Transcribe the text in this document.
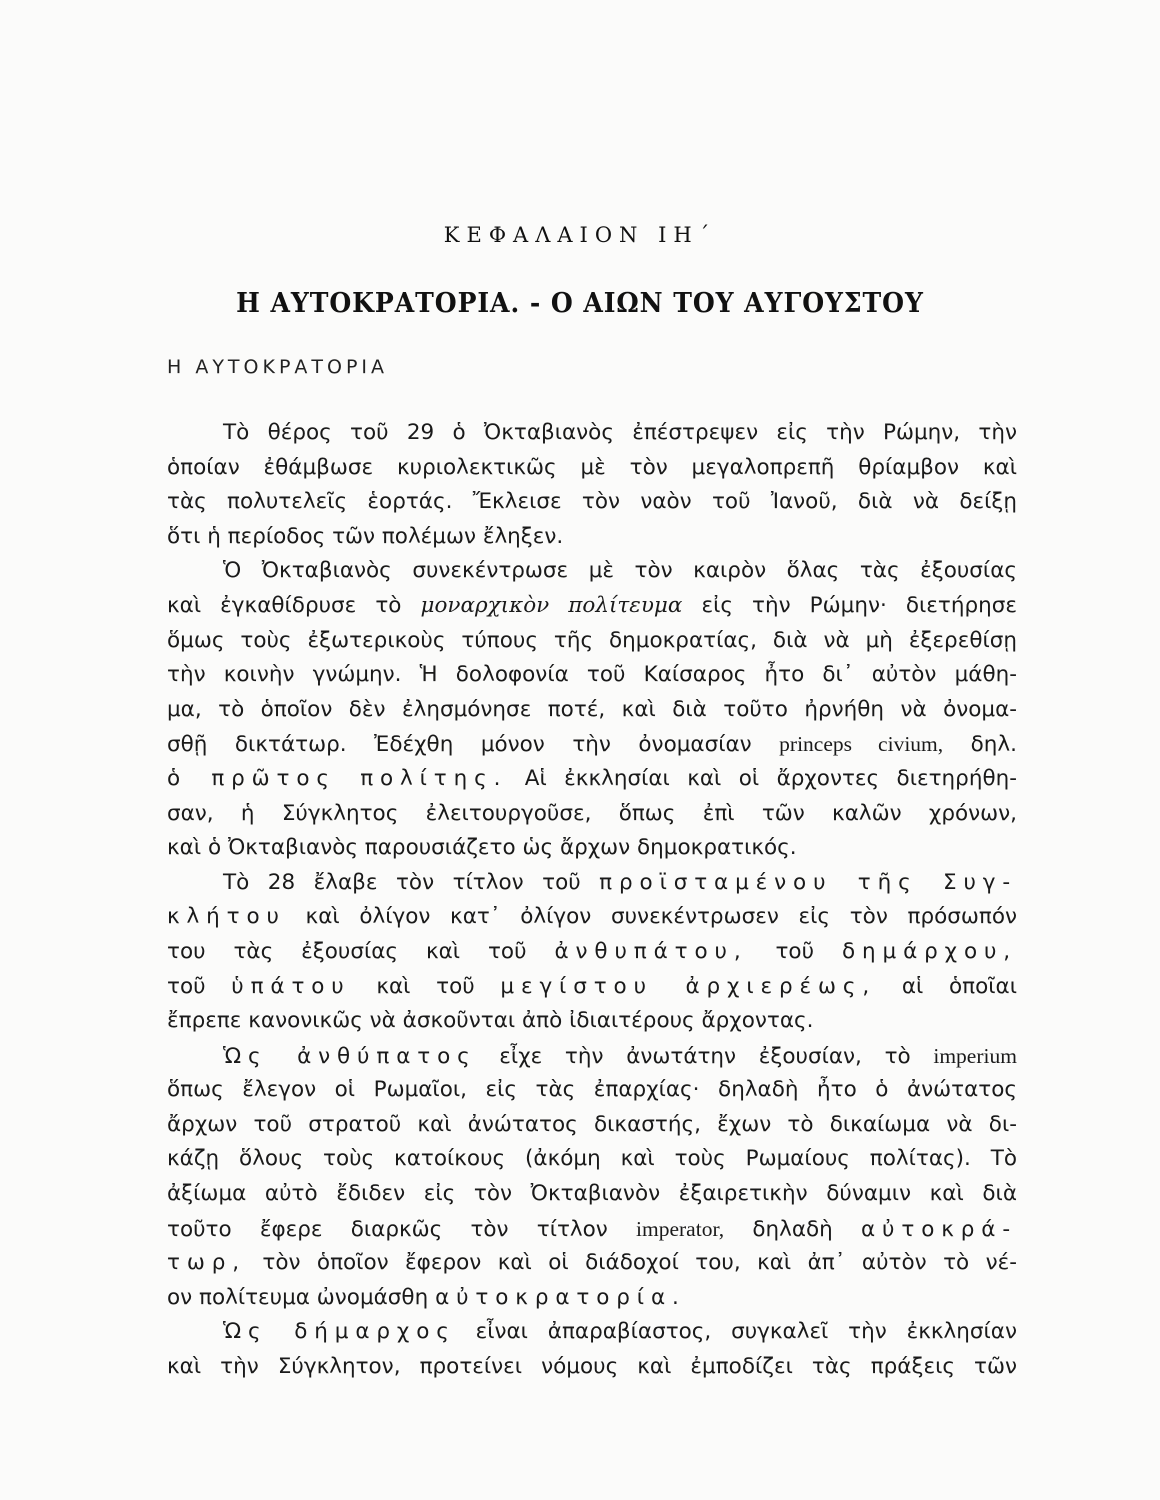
ΚΕΦΑΛΑΙΟΝ ΙΗ΄
Η ΑΥΤΟΚΡΑΤΟΡΙΑ. - Ο ΑΙΩΝ ΤΟΥ ΑΥΓΟΥΣΤΟΥ
Η ΑΥΤΟΚΡΑΤΟΡΙΑ
Τὸ θέρος τοῦ 29 ὁ Ὀκταβιανὸς ἐπέστρεψεν εἰς τὴν Ρώμην, τὴν
ὁποίαν ἐθάμβωσε κυριολεκτικῶς μὲ τὸν μεγαλοπρεπῆ θρίαμβον καὶ
τὰς πολυτελεῖς ἑορτάς. Ἔκλεισε τὸν ναὸν τοῦ Ἰανοῦ, διὰ νὰ δείξῃ
ὅτι ἡ περίοδος τῶν πολέμων ἔληξεν.
Ὁ Ὀκταβιανὸς συνεκέντρωσε μὲ τὸν καιρὸν ὅλας τὰς ἐξουσίας
καὶ ἐγκαθίδρυσε τὸ μοναρχικὸν πολίτευμα εἰς τὴν Ρώμην· διετήρησε
ὅμως τοὺς ἐξωτερικοὺς τύπους τῆς δημοκρατίας, διὰ νὰ μὴ ἐξερεθίσῃ
τὴν κοινὴν γνώμην. Ἡ δολοφονία τοῦ Καίσαρος ἦτο δι᾿ αὐτὸν μάθη-
μα, τὸ ὁποῖον δὲν ἐλησμόνησε ποτέ, καὶ διὰ τοῦτο ἠρνήθη νὰ ὀνομα-
σθῇ δικτάτωρ. Ἐδέχθη μόνον τὴν ὀνομασίαν princeps civium, δηλ.
ὁ πρῶτος πολίτης. Αἱ ἐκκλησίαι καὶ οἱ ἄρχοντες διετηρήθη-
σαν, ἡ Σύγκλητος ἐλειτουργοῦσε, ὅπως ἐπὶ τῶν καλῶν χρόνων,
καὶ ὁ Ὀκταβιανὸς παρουσιάζετο ὡς ἄρχων δημοκρατικός.
Τὸ 28 ἔλαβε τὸν τίτλον τοῦ προϊσταμένου τῆς Συγ-
κλήτου καὶ ὀλίγον κατ᾿ ὀλίγον συνεκέντρωσεν εἰς τὸν πρόσωπόν
του τὰς ἐξουσίας καὶ τοῦ ἀνθυπάτου, τοῦ δημάρχου,
τοῦ ὑπάτου καὶ τοῦ μεγίστου ἀρχιερέως, αἱ ὁποῖαι
ἔπρεπε κανονικῶς νὰ ἀσκοῦνται ἀπὸ ἰδιαιτέρους ἄρχοντας.
Ὡς ἀνθύπατος εἶχε τὴν ἀνωτάτην ἐξουσίαν, τὸ imperium
ὅπως ἔλεγον οἱ Ρωμαῖοι, εἰς τὰς ἐπαρχίας· δηλαδὴ ἦτο ὁ ἀνώτατος
ἄρχων τοῦ στρατοῦ καὶ ἀνώτατος δικαστής, ἔχων τὸ δικαίωμα νὰ δι-
κάζῃ ὅλους τοὺς κατοίκους (ἀκόμη καὶ τοὺς Ρωμαίους πολίτας). Τὸ
ἀξίωμα αὐτὸ ἔδιδεν εἰς τὸν Ὀκταβιανὸν ἐξαιρετικὴν δύναμιν καὶ διὰ
τοῦτο ἔφερε διαρκῶς τὸν τίτλον imperator, δηλαδὴ αὐτοκρά-
τωρ, τὸν ὁποῖον ἔφερον καὶ οἱ διάδοχοί του, καὶ ἀπ᾿ αὐτὸν τὸ νέ-
ον πολίτευμα ὠνομάσθη αὐτοκρατορία.
Ὡς δήμαρχος εἶναι ἀπαραβίαστος, συγκαλεῖ τὴν ἐκκλησίαν
καὶ τὴν Σύγκλητον, προτείνει νόμους καὶ ἐμποδίζει τὰς πράξεις τῶν
